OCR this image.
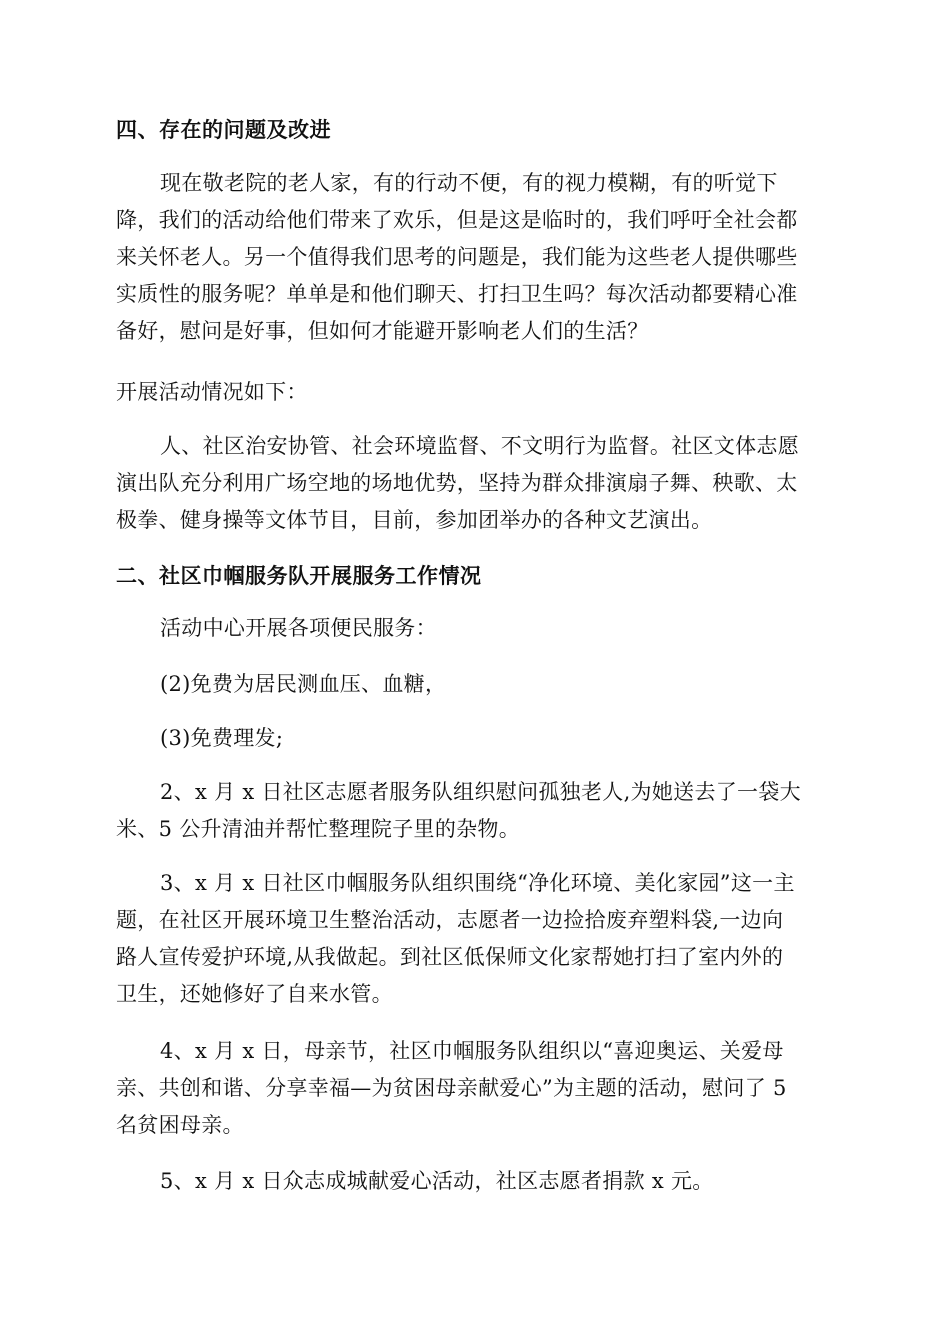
四、存在的问题及改进
现在敬老院的老人家，有的行动不便，有的视力模糊，有的听觉下
降，我们的活动给他们带来了欢乐，但是这是临时的，我们呼吁全社会都
来关怀老人。另一个值得我们思考的问题是，我们能为这些老人提供哪些
实质性的服务呢？单单是和他们聊天、打扫卫生吗？每次活动都要精心准
备好，慰问是好事，但如何才能避开影响老人们的生活？
开展活动情况如下：
人、社区治安协管、社会环境监督、不文明行为监督。社区文体志愿
演出队充分利用广场空地的场地优势，坚持为群众排演扇子舞、秧歌、太
极拳、健身操等文体节目，目前，参加团举办的各种文艺演出。
二、社区巾帼服务队开展服务工作情况
活动中心开展各项便民服务：
(2)免费为居民测血压、血糖，
(3)免费理发;
2、x 月 x 日社区志愿者服务队组织慰问孤独老人,为她送去了一袋大
米、5 公升清油并帮忙整理院子里的杂物。
3、x 月 x 日社区巾帼服务队组织围绕“净化环境、美化家园”这一主
题，在社区开展环境卫生整治活动，志愿者一边捡拾废弃塑料袋,一边向
路人宣传爱护环境,从我做起。到社区低保师文化家帮她打扫了室内外的
卫生，还她修好了自来水管。
4、x 月 x 日，母亲节，社区巾帼服务队组织以“喜迎奥运、关爱母
亲、共创和谐、分享幸福—为贫困母亲献爱心”为主题的活动，慰问了 5
名贫困母亲。
5、x 月 x 日众志成城献爱心活动，社区志愿者捐款 x 元。
